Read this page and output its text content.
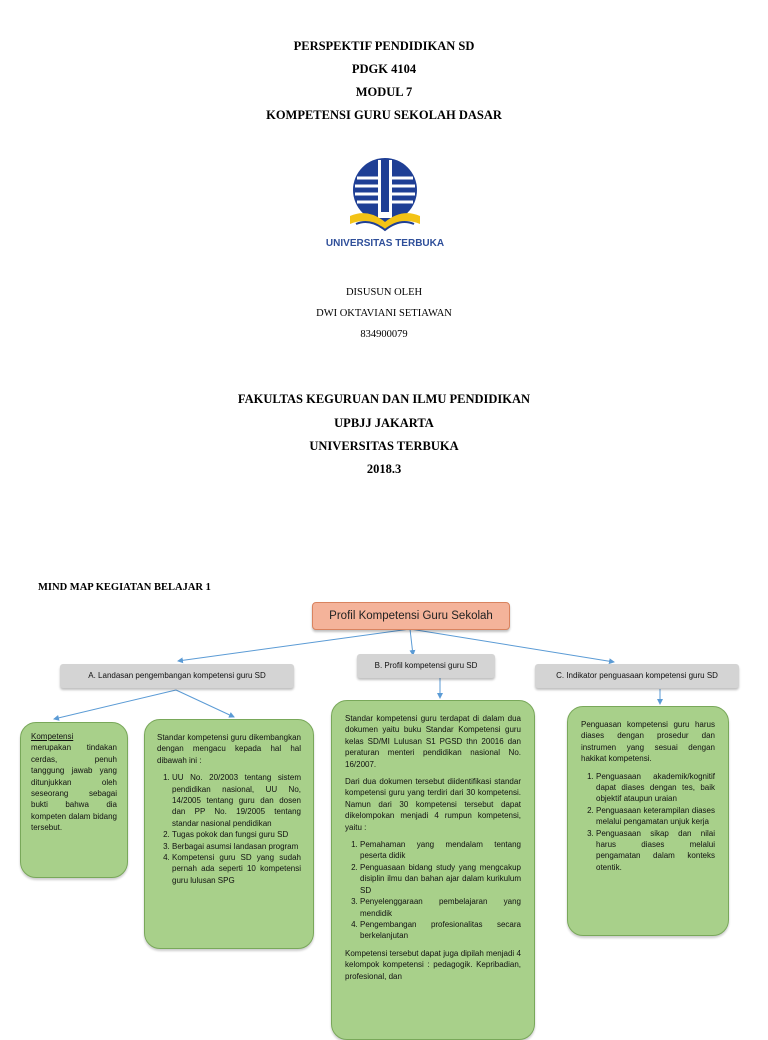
PERSPEKTIF PENDIDIKAN SD
PDGK 4104
MODUL 7
KOMPETENSI GURU SEKOLAH DASAR
UNIVERSITAS TERBUKA
DISUSUN OLEH
DWI OKTAVIANI SETIAWAN
834900079
FAKULTAS KEGURUAN DAN ILMU PENDIDIKAN
UPBJJ JAKARTA
UNIVERSITAS TERBUKA
2018.3
MIND MAP KEGIATAN BELAJAR 1
Profil Kompetensi Guru Sekolah
A. Landasan pengembangan kompetensi guru SD
B. Profil kompetensi guru SD
C. Indikator penguasaan kompetensi guru SD
Kompetensi

merupakan tindakan cerdas, penuh tanggung jawab yang ditunjukkan oleh seseorang sebagai bukti bahwa dia kompeten dalam bidang tersebut.

Standar kompetensi guru dikembangkan dengan mengacu kepada hal hal dibawah ini :

1. UU No. 20/2003 tentang sistem pendidikan nasional, UU No, 14/2005 tentang guru dan dosen dan PP No. 19/2005 tentang standar nasional pendidikan
2. Tugas pokok dan fungsi guru SD
3. Berbagai asumsi landasan program
4. Kompetensi guru SD yang sudah pernah ada seperti 10 kompetensi guru lulusan SPG

Standar kompetensi guru terdapat di dalam dua dokumen yaitu buku Standar Kompetensi guru kelas SD/MI Lulusan S1 PGSD thn 20016 dan peraturan menteri pendidikan nasional No. 16/2007.

Dari dua dokumen tersebut diidentifikasi standar kompetensi guru yang terdiri dari 30 kompetensi. Namun dari 30 kompetensi tersebut dapat dikelompokan menjadi 4 rumpun kompetensi, yaitu :

1. Pemahaman yang mendalam tentang peserta didik
2. Penguasaan bidang study yang mengcakup disiplin ilmu dan bahan ajar dalam kurikulum SD
3. Penyelenggaraan pembelajaran yang mendidik
4. Pengembangan profesionalitas secara berkelanjutan

Kompetensi tersebut dapat juga dipilah menjadi 4 kelompok kompetensi : pedagogik. Kepribadian, profesional, dan

Penguasan kompetensi guru harus diases dengan prosedur dan instrumen yang sesuai dengan hakikat kompetensi.

1. Penguasaan akademik/kognitif dapat diases dengan tes, baik objektif ataupun uraian
2. Penguasaan keterampilan diases melalui pengamatan unjuk kerja
3. Penguasaan sikap dan nilai harus diases melalui pengamatan dalam konteks otentik.
